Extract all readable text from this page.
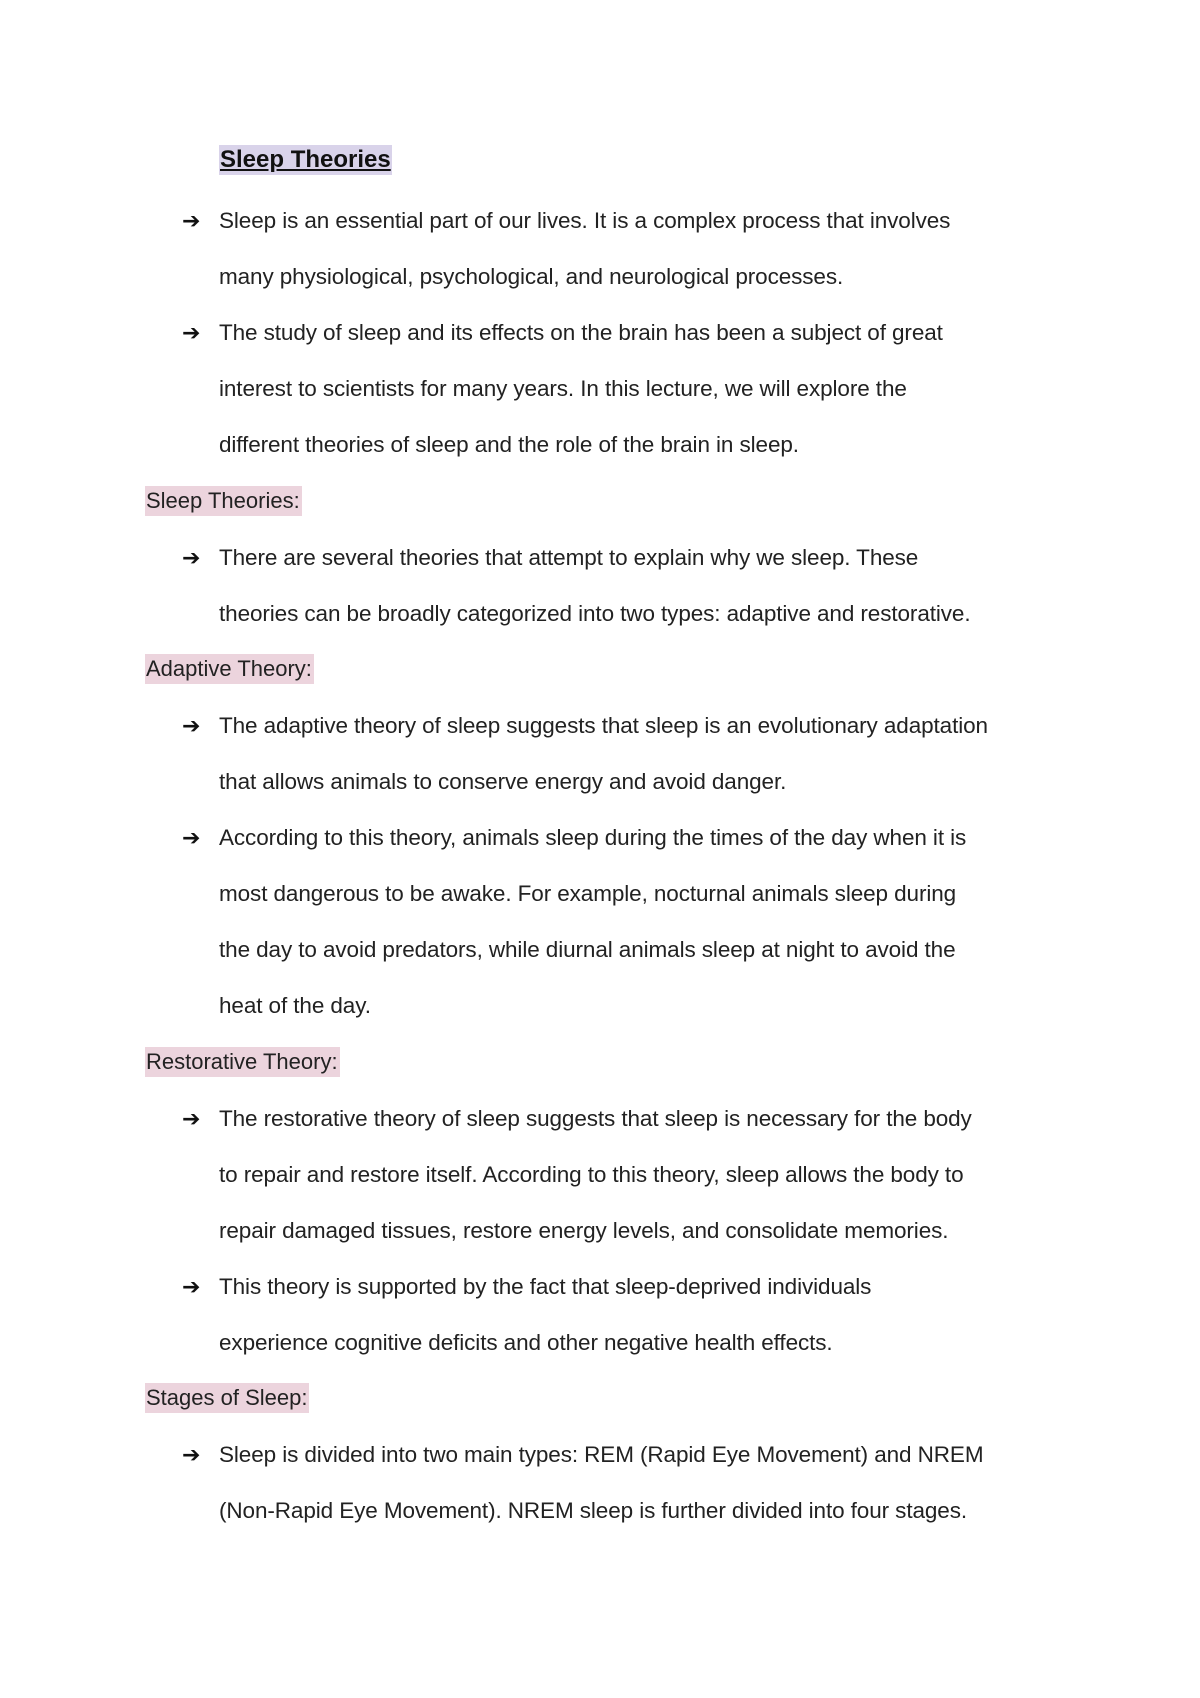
Sleep Theories
➔ Sleep is an essential part of our lives. It is a complex process that involves
many physiological, psychological, and neurological processes.
➔ The study of sleep and its effects on the brain has been a subject of great
interest to scientists for many years. In this lecture, we will explore the
different theories of sleep and the role of the brain in sleep.
Sleep Theories:
➔ There are several theories that attempt to explain why we sleep. These
theories can be broadly categorized into two types: adaptive and restorative.
Adaptive Theory:
➔ The adaptive theory of sleep suggests that sleep is an evolutionary adaptation
that allows animals to conserve energy and avoid danger.
➔ According to this theory, animals sleep during the times of the day when it is
most dangerous to be awake. For example, nocturnal animals sleep during
the day to avoid predators, while diurnal animals sleep at night to avoid the
heat of the day.
Restorative Theory:
➔ The restorative theory of sleep suggests that sleep is necessary for the body
to repair and restore itself. According to this theory, sleep allows the body to
repair damaged tissues, restore energy levels, and consolidate memories.
➔ This theory is supported by the fact that sleep-deprived individuals
experience cognitive deficits and other negative health effects.
Stages of Sleep:
➔ Sleep is divided into two main types: REM (Rapid Eye Movement) and NREM
(Non-Rapid Eye Movement). NREM sleep is further divided into four stages.
